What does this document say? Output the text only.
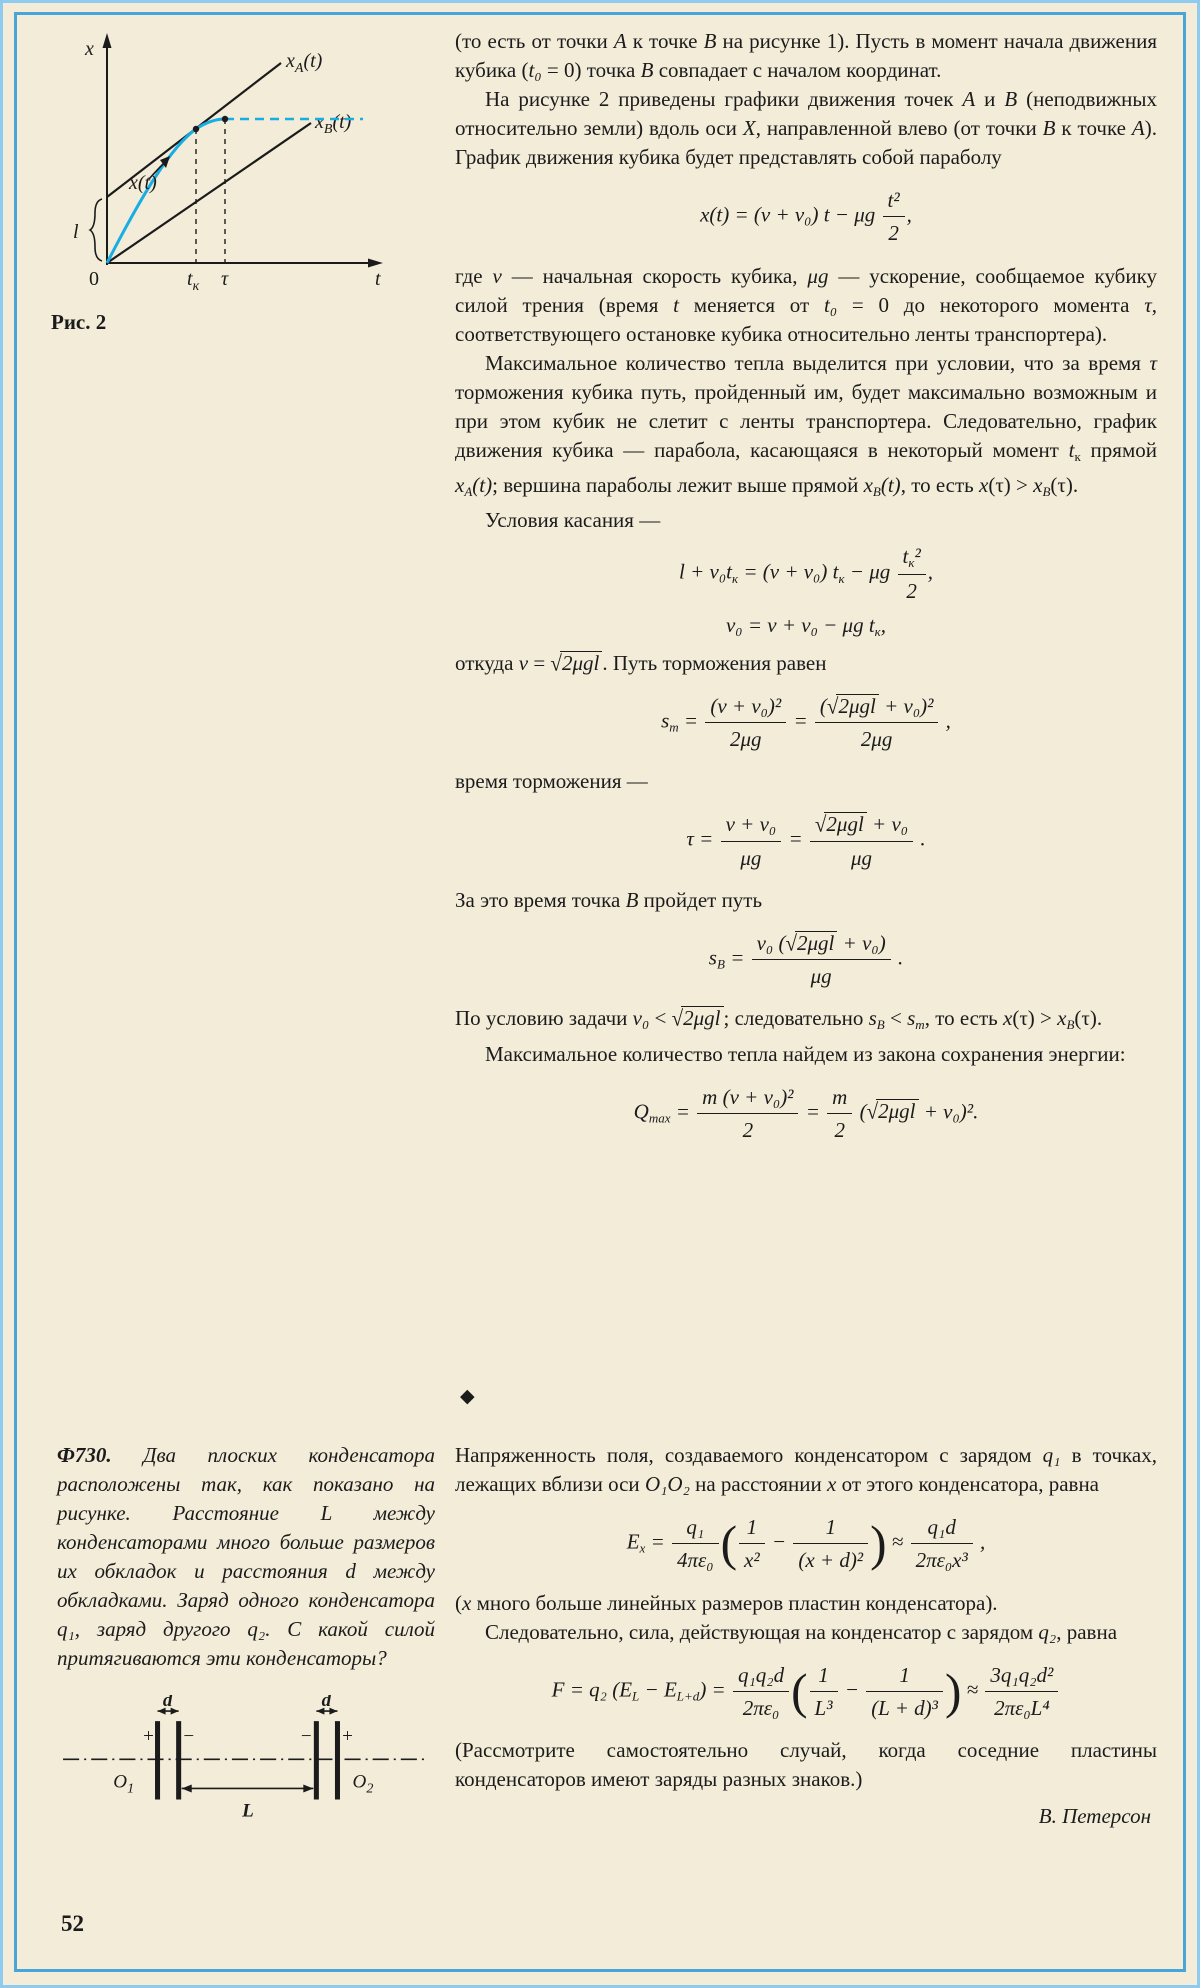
l
x
t
0
$x_A(t)$
$x_B(t)$
x(t)
$t_к$ τ
Рис. 2

(то есть от точки A к точке B на рисунке 1). Пусть в момент начала движения кубика (t₀ = 0) точка B совпадает с началом координат.

На рисунке 2 приведены графики движения точек A и B (неподвижных относительно земли) вдоль оси X, направленной влево (от точки B к точке A). График движения кубика будет представлять собой параболу

x(t) = (v + v₀) t − μg $\frac{\text{t²}}{2}$ ,

где v — начальная скорость кубика, μg — ускорение, сообщаемое кубику силой трения (время t меняется от t₀ = 0 до некоторого момента τ, соответствующего остановке кубика относительно ленты транспортера).

Максимальное количество тепла выделится при условии, что за время τ торможения кубика путь, пройденный им, будет максимально возможным и при этом кубик не слетит с ленты транспортера. Следовательно, график движения кубика — парабола, касающаяся в некоторый момент tк прямой xA(t); вершина параболы лежит выше прямой xB(t), то есть x(τ) > xB(τ).

Условия касания —

l + v₀tк = (v + v₀) tк − μg $\frac{\text{tк²}}{2}$ ,
v₀ = v + v₀ − μg tк,

откуда v = √2μgl . Путь торможения равен

sт = $\frac{\text{(v + v₀)²}}{2\mu g} = \frac{\text{(√2μgl + v₀)²}}{2\mu g}$ ,

время торможения —

$\tau = \frac{\text{v + v₀}}{\mu g} = \frac{\text{√2μgl + v₀}}{\mu g}$ .

За это время точка B пройдет путь

sB = $\frac{\text{v₀ (√2μgl + v₀)}}{\mu g}$ .

По условию задачи v₀ < √2μgl ; следовательно sB < sт, то есть x(τ) > xB(τ).

Максимальное количество тепла найдем из закона сохранения энергии:

$Qmax = \frac{\text{m (v + v₀)²}}{2} = \frac{m}{2} (√2\mu gl + v_0)^2$.
◆

Ф730. Два плоских конденсатора расположены так, как показано на рисунке. Расстояние L между конденсаторами много больше размеров их обкладок и расстояния d между обкладками. Заряд одного конденсатора q₁, заряд другого q₂. С какой силой притягиваются эти конденсаторы?

d
+ −
d
− +
$O_1$	$O_2$
L

Напряженность поля, создаваемого конденсатором с зарядом q₁ в точках, лежащих вблизи оси O₁O₂ на расстоянии x от этого конденсатора, равна

$Ex = \frac{\text{q₁}}{\text{4πε₀}}$ ( $\frac{1}{\text{x²}} - \frac{1}{\text{(x + d)²}}$ ) ≈ $\frac{\text{q₁d}}{\text{2πε₀x³}}$ ,

(x много больше линейных размеров пластин конденсатора).

Следовательно, сила, действующая на конденсатор с зарядом q₂, равна

F = q₂ $(EL - EL+d) = \frac{\text{q₁q₂d}}{\text{2πε₀}}$ ( $\frac{1}{\text{L³}} - \frac{1}{\text{(L + d)³}}$ ) ≈ $\frac{\text{3q₁q₂d²}}{\text{2πε₀L⁴}}$

(Рассмотрите самостоятельно случай, когда соседние пластины конденсаторов имеют заряды разных знаков.)

В. Петерсон
52
